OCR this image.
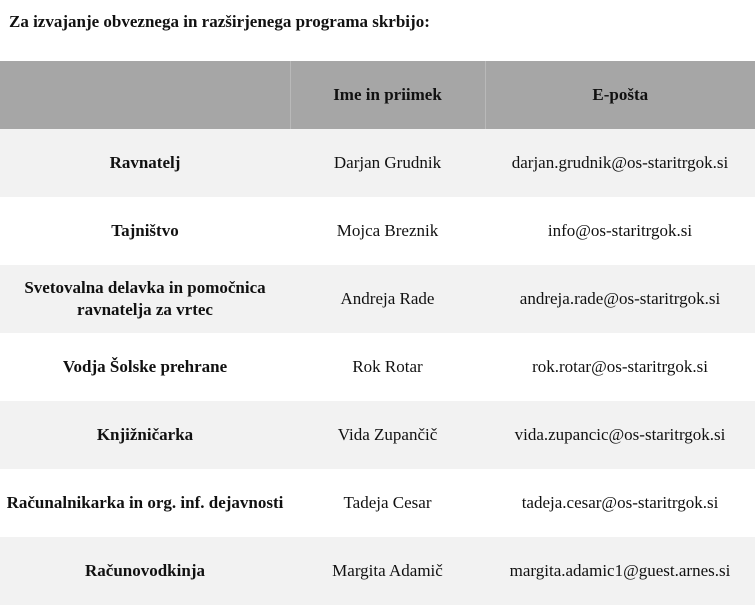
Za izvajanje obveznega in razširjenega programa skrbijo:

	Ime in priimek	E-pošta
Ravnatelj	Darjan Grudnik	darjan.grudnik@os-staritrgok.si
Tajništvo	Mojca Breznik	info@os-staritrgok.si
Svetovalna delavka in pomočnica ravnatelja za vrtec	Andreja Rade	andreja.rade@os-staritrgok.si
Vodja Šolske prehrane	Rok Rotar	rok.rotar@os-staritrgok.si
Knjižničarka	Vida Zupančič	vida.zupancic@os-staritrgok.si
Računalnikarka in org. inf. dejavnosti	Tadeja Cesar	tadeja.cesar@os-staritrgok.si
Računovodkinja	Margita Adamič	margita.adamic1@guest.arnes.si
